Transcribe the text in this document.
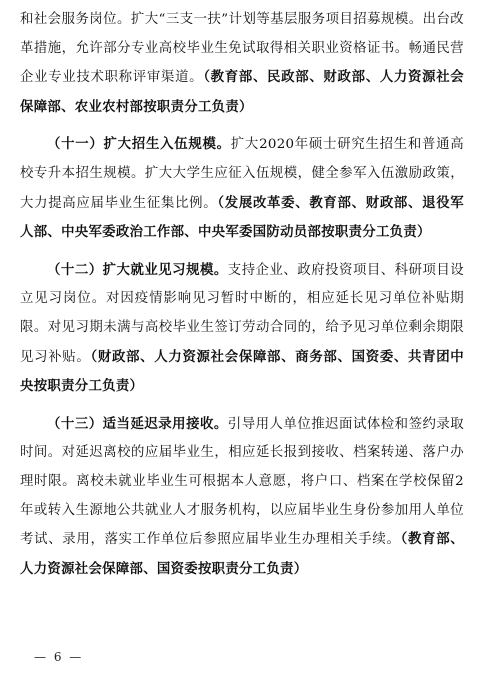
和社会服务岗位。扩大“三支一扶”计划等基层服务项目招募规模。出台改革措施，允许部分专业高校毕业生免试取得相关职业资格证书。畅通民营企业专业技术职称评审渠道。（教育部、民政部、财政部、人力资源社会保障部、农业农村部按职责分工负责）

（十一）扩大招生入伍规模。扩大2020年硕士研究生招生和普通高校专升本招生规模。扩大大学生应征入伍规模，健全参军入伍激励政策，大力提高应届毕业生征集比例。（发展改革委、教育部、财政部、退役军人部、中央军委政治工作部、中央军委国防动员部按职责分工负责）

（十二）扩大就业见习规模。支持企业、政府投资项目、科研项目设立见习岗位。对因疫情影响见习暂时中断的，相应延长见习单位补贴期限。对见习期未满与高校毕业生签订劳动合同的，给予见习单位剩余期限见习补贴。（财政部、人力资源社会保障部、商务部、国资委、共青团中央按职责分工负责）

（十三）适当延迟录用接收。引导用人单位推迟面试体检和签约录取时间。对延迟离校的应届毕业生，相应延长报到接收、档案转递、落户办理时限。离校未就业毕业生可根据本人意愿，将户口、档案在学校保留2年或转入生源地公共就业人才服务机构，以应届毕业生身份参加用人单位考试、录用，落实工作单位后参照应届毕业生办理相关手续。（教育部、人力资源社会保障部、国资委按职责分工负责）

— 6 —
